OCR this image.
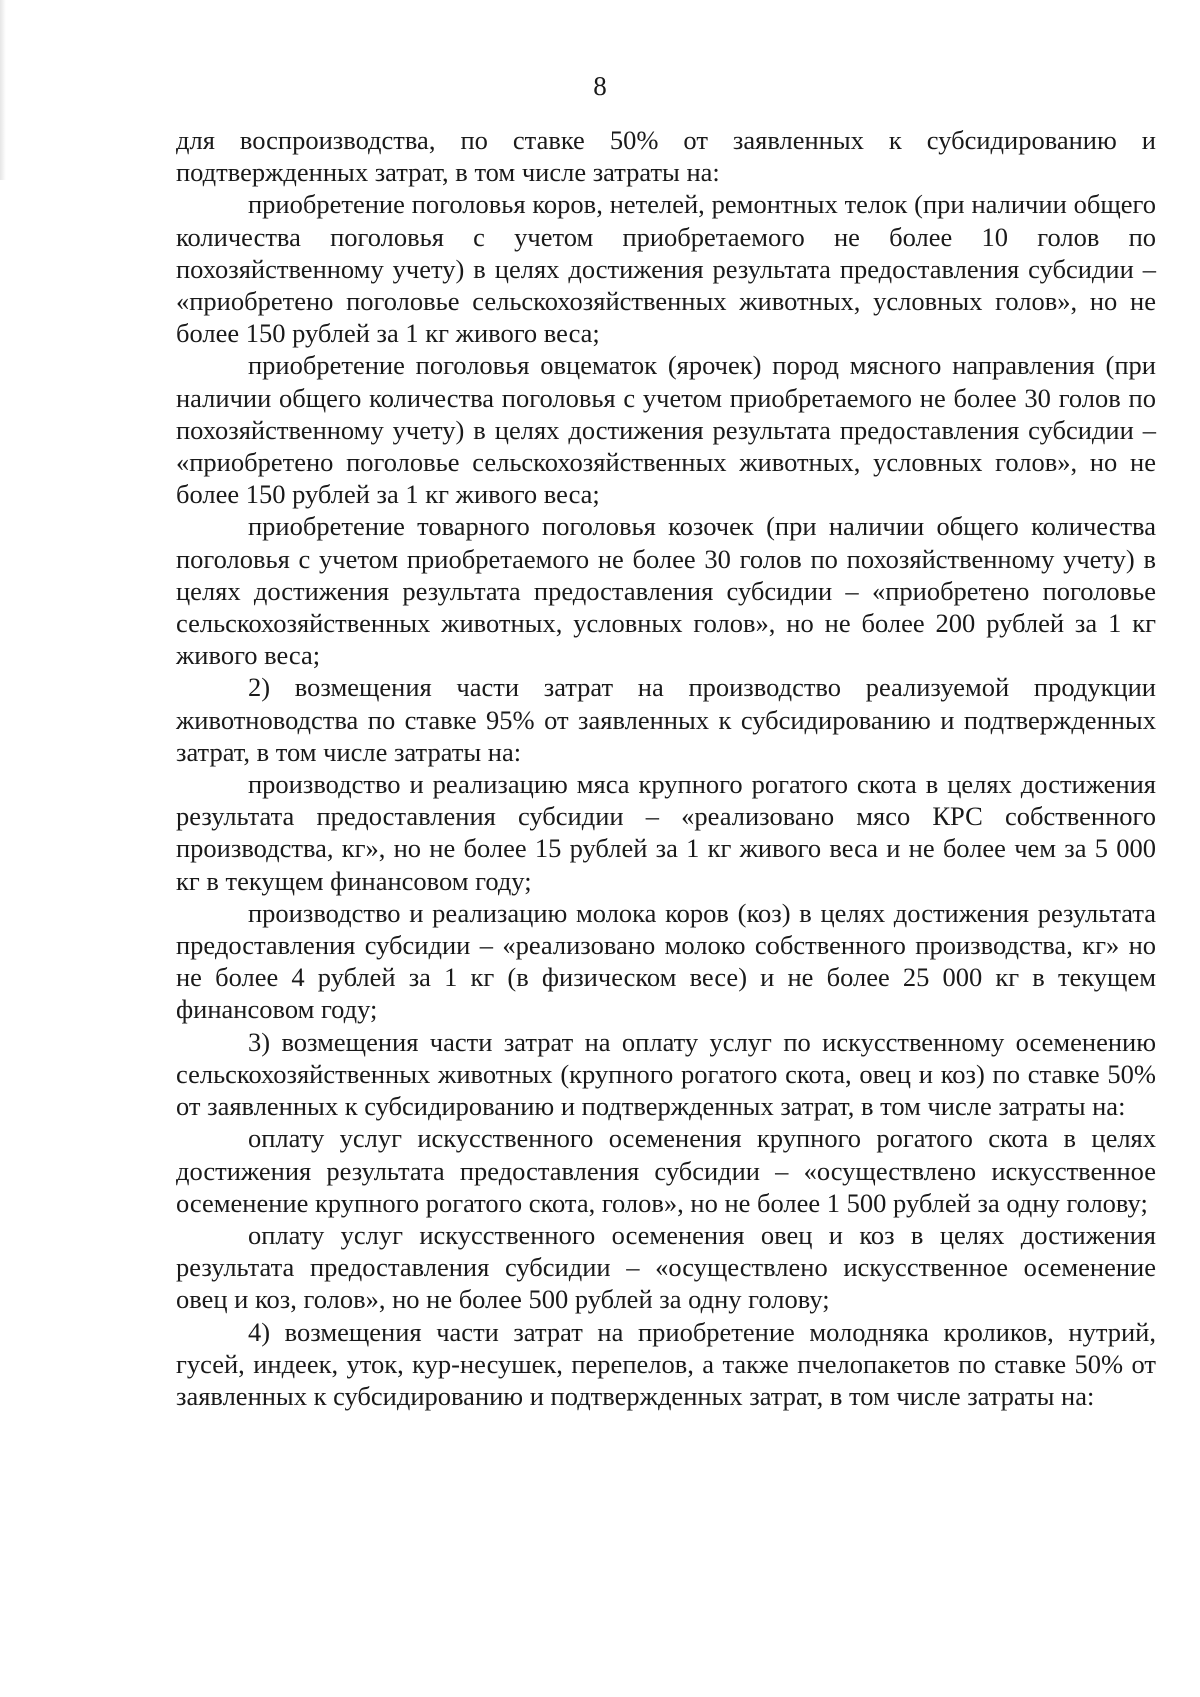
8

для воспроизводства, по ставке 50% от заявленных к субсидированию и подтвержденных затрат, в том числе затраты на:

приобретение поголовья коров, нетелей, ремонтных телок (при наличии общего количества поголовья с учетом приобретаемого не более 10 голов по похозяйственному учету) в целях достижения результата предоставления субсидии – «приобретено поголовье сельскохозяйственных животных, условных голов», но не более 150 рублей за 1 кг живого веса;

приобретение поголовья овцематок (ярочек) пород мясного направления (при наличии общего количества поголовья с учетом приобретаемого не более 30 голов по похозяйственному учету) в целях достижения результата предоставления субсидии – «приобретено поголовье сельскохозяйственных животных, условных голов», но не более 150 рублей за 1 кг живого веса;

приобретение товарного поголовья козочек (при наличии общего количества поголовья с учетом приобретаемого не более 30 голов по похозяйственному учету) в целях достижения результата предоставления субсидии – «приобретено поголовье сельскохозяйственных животных, условных голов», но не более 200 рублей за 1 кг живого веса;

2) возмещения части затрат на производство реализуемой продукции животноводства по ставке 95% от заявленных к субсидированию и подтвержденных затрат, в том числе затраты на:

производство и реализацию мяса крупного рогатого скота в целях достижения результата предоставления субсидии – «реализовано мясо КРС собственного производства, кг», но не более 15 рублей за 1 кг живого веса и не более чем за 5 000 кг в текущем финансовом году;

производство и реализацию молока коров (коз) в целях достижения результата предоставления субсидии – «реализовано молоко собственного производства, кг» но не более 4 рублей за 1 кг (в физическом весе) и не более 25 000 кг в текущем финансовом году;

3) возмещения части затрат на оплату услуг по искусственному осеменению сельскохозяйственных животных (крупного рогатого скота, овец и коз) по ставке 50% от заявленных к субсидированию и подтвержденных затрат, в том числе затраты на:

оплату услуг искусственного осеменения крупного рогатого скота в целях достижения результата предоставления субсидии – «осуществлено искусственное осеменение крупного рогатого скота, голов», но не более 1 500 рублей за одну голову;

оплату услуг искусственного осеменения овец и коз в целях достижения результата предоставления субсидии – «осуществлено искусственное осеменение овец и коз, голов», но не более 500 рублей за одну голову;

4) возмещения части затрат на приобретение молодняка кроликов, нутрий, гусей, индеек, уток, кур-несушек, перепелов, а также пчелопакетов по ставке 50% от заявленных к субсидированию и подтвержденных затрат, в том числе затраты на:
